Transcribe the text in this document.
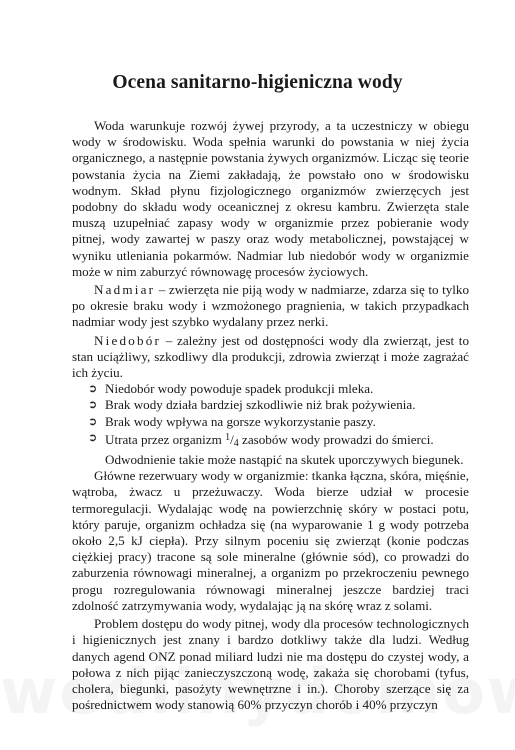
Ocena sanitarno-higieniczna wody

Woda warunkuje rozwój żywej przyrody, a ta uczestniczy w obiegu wody w środowisku. Woda spełnia warunki do powstania w niej życia organicznego, a następnie powstania żywych organizmów. Licząc się teorie powstania życia na Ziemi zakładają, że powstało ono w środowisku wodnym. Skład płynu fizjologicznego organizmów zwierzęcych jest podobny do składu wody oceanicznej z okresu kambru. Zwierzęta stale muszą uzupełniać zapasy wody w organizmie przez pobieranie wody pitnej, wody zawartej w paszy oraz wody metabolicznej, powstającej w wyniku utleniania pokarmów. Nadmiar lub niedobór wody w organizmie może w nim zaburzyć równowagę procesów życiowych.

Nadmiar – zwierzęta nie piją wody w nadmiarze, zdarza się to tylko po okresie braku wody i wzmożonego pragnienia, w takich przypadkach nadmiar wody jest szybko wydalany przez nerki.

Niedobór – zależny jest od dostępności wody dla zwierząt, jest to stan uciążliwy, szkodliwy dla produkcji, zdrowia zwierząt i może zagrażać ich życiu.

➲ Niedobór wody powoduje spadek produkcji mleka.
➲ Brak wody działa bardziej szkodliwie niż brak pożywienia.
➲ Brak wody wpływa na gorsze wykorzystanie paszy.
➲ Utrata przez organizm $^1$/4 zasobów wody prowadzi do śmierci. Odwodnienie takie może nastąpić na skutek uporczywych biegunek.

Główne rezerwuary wody w organizmie: tkanka łączna, skóra, mięśnie, wątroba, żwacz u przeżuwaczy. Woda bierze udział w procesie termoregulacji. Wydalając wodę na powierzchnię skóry w postaci potu, który paruje, organizm ochładza się (na wyparowanie 1 g wody potrzeba około 2,5 kJ ciepła). Przy silnym poceniu się zwierząt (konie podczas ciężkiej pracy) tracone są sole mineralne (głównie sód), co prowadzi do zaburzenia równowagi mineralnej, a organizm po przekroczeniu pewnego progu rozregulowania równowagi mineralnej jeszcze bardziej traci zdolność zatrzymywania wody, wydalając ją na skórę wraz z solami.

Problem dostępu do wody pitnej, wody dla procesów technologicznych i higienicznych jest znany i bardzo dotkliwy także dla ludzi. Według danych agend ONZ ponad miliard ludzi nie ma dostępu do czystej wody, a połowa z nich pijąc zanieczyszczoną wodę, zakaża się chorobami (tyfus, cholera, biegunki, pasożyty wewnętrzne i in.). Choroby szerzące się za pośrednictwem wody stanowią 60% przyczyn chorób i 40% przyczyn
